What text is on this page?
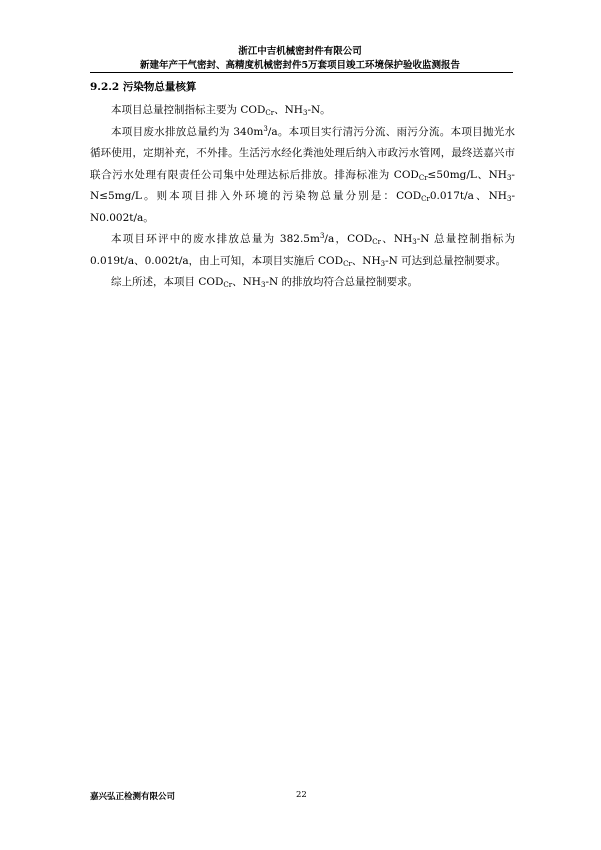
浙江中吉机械密封件有限公司
新建年产干气密封、高精度机械密封件5万套项目竣工环境保护验收监测报告
9.2.2 污染物总量核算

本项目总量控制指标主要为 $COD_{Cr}$、$NH_3-N$。

本项目废水排放总量约为 $340m^3/a$。本项目实行清污分流、雨污分流。本项目抛光水循环使用，定期补充，不外排。生活污水经化粪池处理后纳入市政污水管网，最终送嘉兴市联合污水处理有限责任公司集中处理达标后排放。排海标准为 $COD_{Cr}\le 50mg/L$、$NH_3-N\le 5mg/L$。则本项目排入外环境的污染物总量分别是：$COD_{Cr}0.017t/a$、$NH_3-N0.002t/a$。

本项目环评中的废水排放总量为 $382.5m^3/a$，$COD_{Cr}$、$NH_3-N$ 总量控制指标为 0.019t/a、0.002t/a，由上可知，本项目实施后 $COD_{Cr}$、$NH_3-N$ 可达到总量控制要求。

综上所述，本项目 $COD_{Cr}$、$NH_3-N$ 的排放均符合总量控制要求。

嘉兴弘正检测有限公司	22
